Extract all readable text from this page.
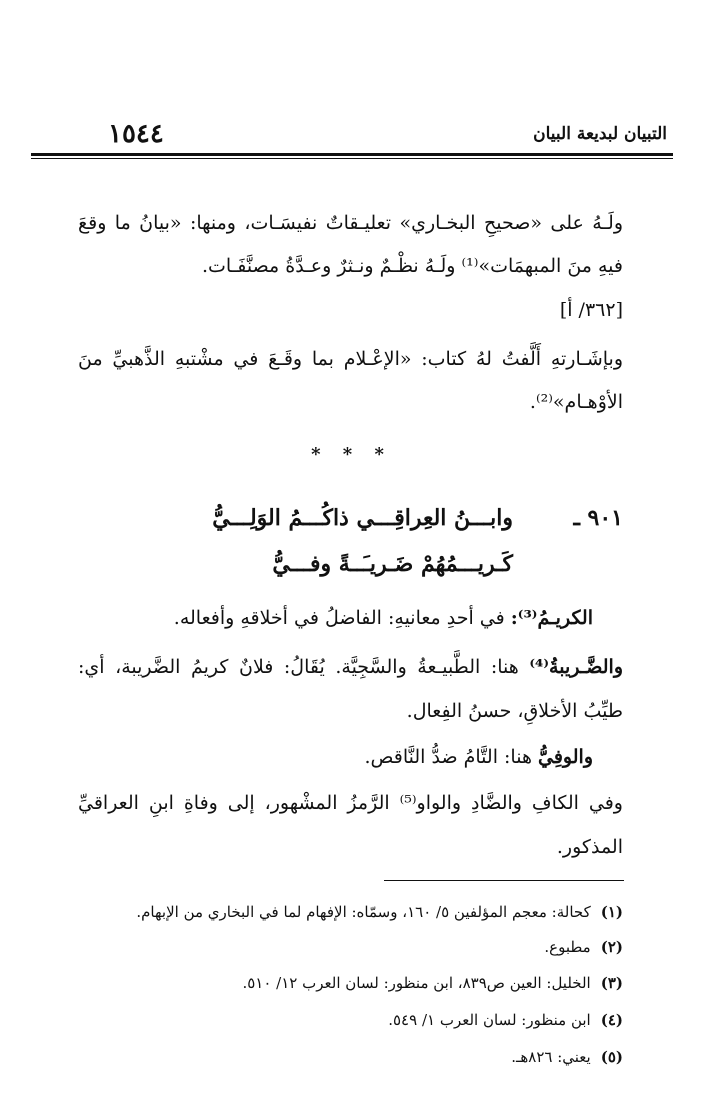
١٥٤٤	التبيان لبديعة البيان
ولَـهُ على «صحيحِ البخـاري» تعليـقاتٌ نفيسَـات، ومنها: «بيانُ ما وقعَ
فيهِ منَ المبهمَات»⁽¹⁾ ولَـهُ نظْـمٌ ونـثرٌ وعـدَّةُ مصنَّفَـات.
[٣٦٢/ أ]
وبإشَـارتهِ أَلَّفتُ لهُ كتاب: «الإعْـلام بما وقَـعَ في مشْتبهِ الذَّهبيِّ منَ
الأوْهـام»⁽²⁾.
* * *
٩٠١ ـ
وابـــنُ العِراقِـــي ذاكُـــمُ الوَلِـــيُّ
كَـريـــمُهُمْ ضَـريـَــةً وفـــيُّ
الكريـمُ⁽³⁾: في أحدِ معانيهِ: الفاضلُ في أخلاقهِ وأفعاله.
والضَّـريبةُ⁽⁴⁾ هنا: الطَّبيـعةُ والسَّجِيَّة. يُقَالُ: فلانٌ كريمُ الضَّريبة، أي:
طيِّبُ الأخلاقِ، حسنُ الفِعال.
والوفِيُّ هنا: التَّامُ ضدُّ النَّاقص.
وفي الكافِ والضَّادِ والواو⁽⁵⁾ الرَّمزُ المشْهور، إلى وفاةِ ابنِ العراقيِّ
المذكور.
(١)كحالة: معجم المؤلفين ٥/ ١٦٠، وسمّاه: الإفهام لما في البخاري من الإبهام.
(٢)مطبوع.
(٣)الخليل: العين ص٨٣٩، ابن منظور: لسان العرب ١٢/ ٥١٠.
(٤)ابن منظور: لسان العرب ١/ ٥٤٩.
(٥)يعني: ٨٢٦هـ.
